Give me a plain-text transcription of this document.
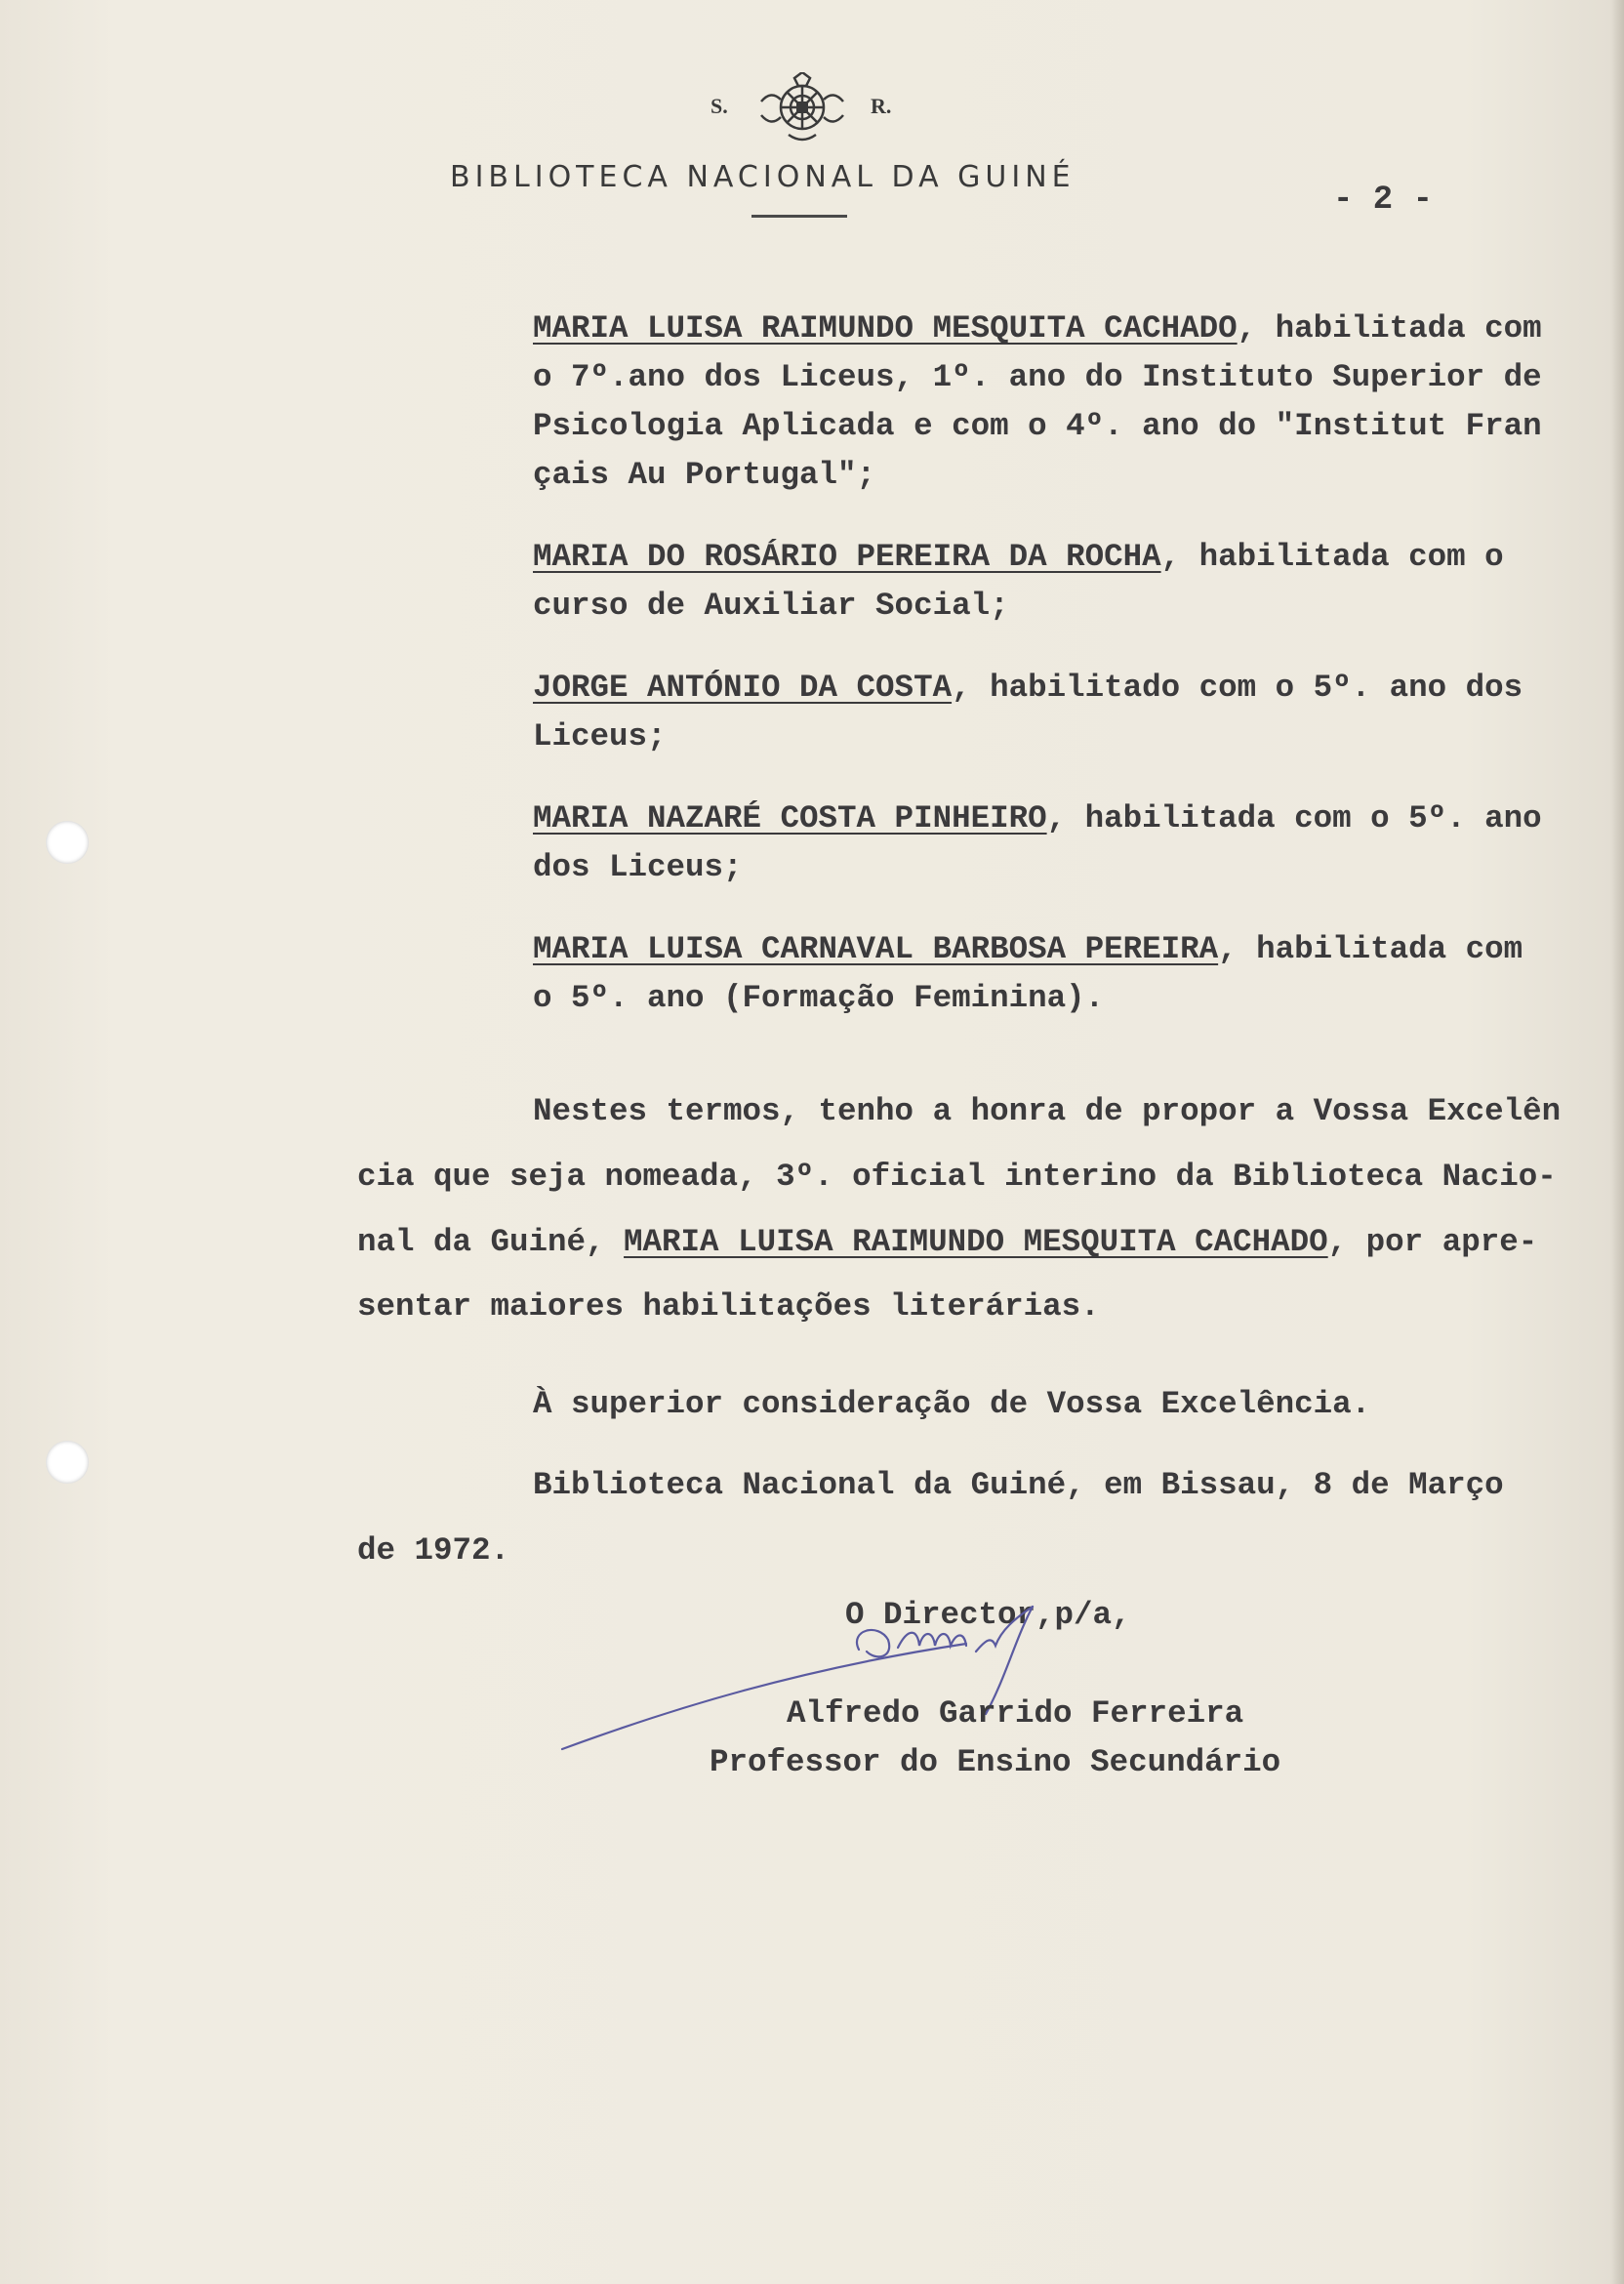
S.	R.
BIBLIOTECA NACIONAL DA GUINÉ
- 2 -
MARIA LUISA RAIMUNDO MESQUITA CACHADO, habilitada com
o 7º.ano dos Liceus, 1º. ano do Instituto Superior de
Psicologia Aplicada e com o 4º. ano do "Institut Fran
çais Au Portugal";
MARIA DO ROSÁRIO PEREIRA DA ROCHA, habilitada com o
curso de Auxiliar Social;
JORGE ANTÓNIO DA COSTA, habilitado com o 5º. ano dos
Liceus;
MARIA NAZARÉ COSTA PINHEIRO, habilitada com o 5º. ano
dos Liceus;
MARIA LUISA CARNAVAL BARBOSA PEREIRA, habilitada com
o 5º. ano (Formação Feminina).
Nestes termos, tenho a honra de propor a Vossa Excelên
cia que seja nomeada, 3º. oficial interino da Biblioteca Nacio-
nal da Guiné, MARIA LUISA RAIMUNDO MESQUITA CACHADO, por apre-
sentar maiores habilitações literárias.
À superior consideração de Vossa Excelência.
Biblioteca Nacional da Guiné, em Bissau, 8 de Março
de 1972.
O Director,p/a,
Alfredo Garrido Ferreira
Professor do Ensino Secundário
